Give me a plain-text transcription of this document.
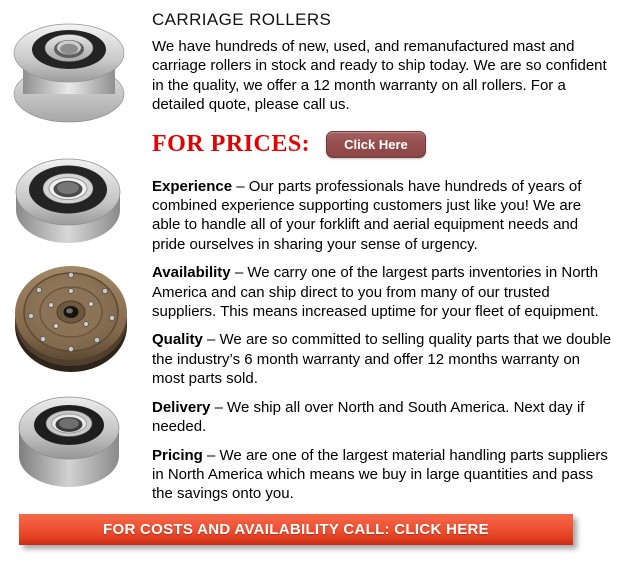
CARRIAGE ROLLERS

We have hundreds of new, used, and remanufactured mast and carriage rollers in stock and ready to ship today. We are so confident in the quality, we offer a 12 month warranty on all rollers. For a detailed quote, please call us.

FOR PRICES:	Click Here

Experience – Our parts professionals have hundreds of years of combined experience supporting customers just like you! We are able to handle all of your forklift and aerial equipment needs and pride ourselves in sharing your sense of urgency.

Availability – We carry one of the largest parts inventories in North America and can ship direct to you from many of our trusted suppliers. This means increased uptime for your fleet of equipment.

Quality – We are so committed to selling quality parts that we double the industry’s 6 month warranty and offer 12 months warranty on most parts sold.

Delivery – We ship all over North and South America. Next day if needed.

Pricing – We are one of the largest material handling parts suppliers in North America which means we buy in large quantities and pass the savings onto you.

FOR COSTS AND AVAILABILITY CALL: CLICK HERE
